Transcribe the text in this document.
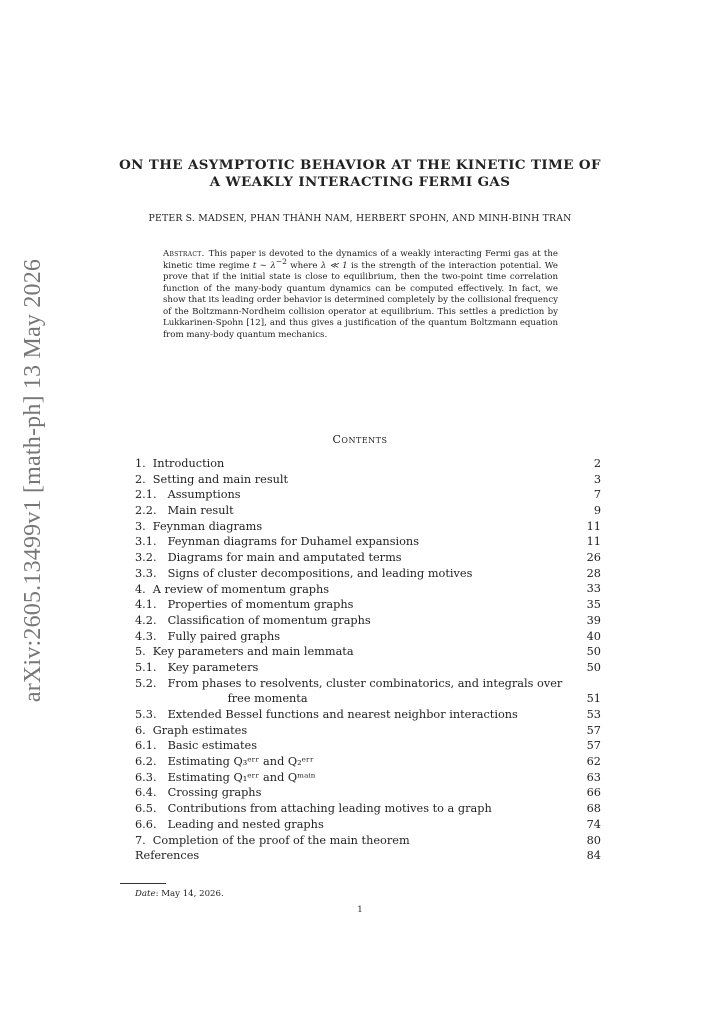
arXiv:2605.13499v1 [math-ph] 13 May 2026
ON THE ASYMPTOTIC BEHAVIOR AT THE KINETIC TIME OF
A WEAKLY INTERACTING FERMI GAS
PETER S. MADSEN, PHAN THÀNH NAM, HERBERT SPOHN, AND MINH-BINH TRAN
Abstract. This paper is devoted to the dynamics of a weakly interacting Fermi gas at the kinetic time regime t ∼ $\lambda^{-2}$ where λ ≪ 1 is the strength of the interaction potential. We prove that if the initial state is close to equilibrium, then the two-point time correlation function of the many-body quantum dynamics can be computed effectively. In fact, we show that its leading order behavior is determined completely by the collisional frequency of the Boltzmann-Nordheim collision operator at equilibrium. This settles a prediction by Lukkarinen-Spohn [12], and thus gives a justification of the quantum Boltzmann equation from many-body quantum mechanics.
Contents
1. Introduction	2
2. Setting and main result	3
2.1. Assumptions	7
2.2. Main result	9
3. Feynman diagrams	11
3.1. Feynman diagrams for Duhamel expansions	11
3.2. Diagrams for main and amputated terms	26
3.3. Signs of cluster decompositions, and leading motives	28
4. A review of momentum graphs	33
4.1. Properties of momentum graphs	35
4.2. Classification of momentum graphs	39
4.3. Fully paired graphs	40
5. Key parameters and main lemmata	50
5.1. Key parameters	50
5.2. From phases to resolvents, cluster combinatorics, and integrals over
free momenta	51
5.3. Extended Bessel functions and nearest neighbor interactions	53
6. Graph estimates	57
6.1. Basic estimates	57
6.2. Estimating Q₃ᵉʳʳ and Q₂ᵉʳʳ	62
6.3. Estimating Q₁ᵉʳʳ and Qᵐᵃⁱⁿ	63
6.4. Crossing graphs	66
6.5. Contributions from attaching leading motives to a graph	68
6.6. Leading and nested graphs	74
7. Completion of the proof of the main theorem	80
References	84
Date: May 14, 2026.
1
